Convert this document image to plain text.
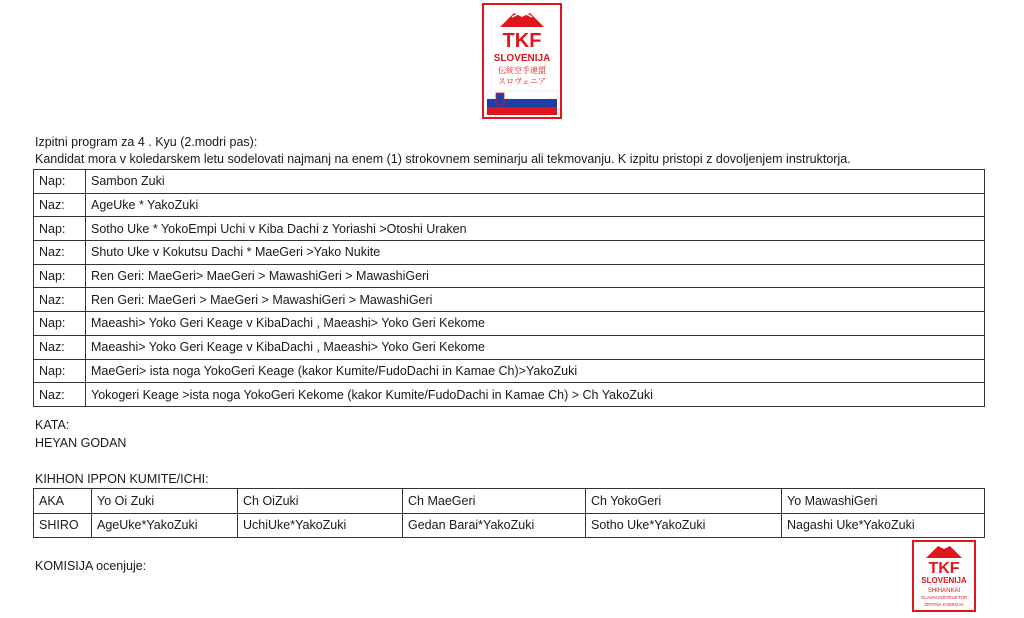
TKF
SLOVENIJA
伝統空手連盟
スロヴェニア
Izpitni program za 4 . Kyu (2.modri pas):
Kandidat mora v koledarskem letu sodelovati najmanj na enem (1) strokovnem seminarju ali tekmovanju. K izpitu pristopi z dovoljenjem instruktorja.
Nap:	Sambon Zuki
Naz:	AgeUke * YakoZuki
Nap:	Sotho Uke * YokoEmpi Uchi v Kiba Dachi z Yoriashi >Otoshi Uraken
Naz:	Shuto Uke v Kokutsu Dachi * MaeGeri >Yako Nukite
Nap:	Ren Geri: MaeGeri> MaeGeri > MawashiGeri > MawashiGeri
Naz:	Ren Geri: MaeGeri > MaeGeri > MawashiGeri > MawashiGeri
Nap:	Maeashi> Yoko Geri Keage v KibaDachi , Maeashi> Yoko Geri Kekome
Naz:	Maeashi> Yoko Geri Keage v KibaDachi , Maeashi> Yoko Geri Kekome
Nap:	MaeGeri> ista noga YokoGeri Keage (kakor Kumite/FudoDachi in Kamae Ch)>YakoZuki
Naz:	Yokogeri Keage >ista noga YokoGeri Kekome (kakor Kumite/FudoDachi in Kamae Ch) > Ch YakoZuki
KATA:
HEYAN GODAN
KIHHON IPPON KUMITE/ICHI:
AKA	Yo Oi Zuki	Ch OiZuki	Ch MaeGeri	Ch YokoGeri	Yo MawashiGeri
SHIRO	AgeUke*YakoZuki	UchiUke*YakoZuki	Gedan Barai*YakoZuki	Sotho Uke*YakoZuki	Nagashi Uke*YakoZuki
KOMISIJA ocenjuje:	TKF
SLOVENIJA
SHIHANKAI
GLAVNI INŠTRUKTOR
IZPITNA KOMISIJA
